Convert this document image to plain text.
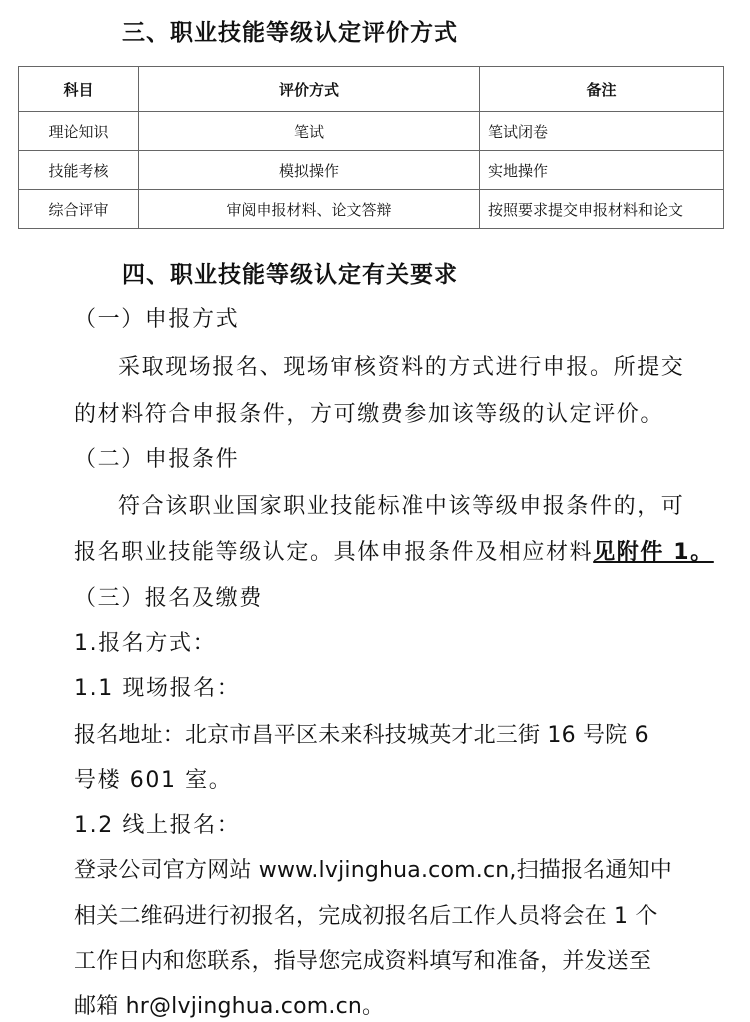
三、职业技能等级认定评价方式
科目	评价方式	备注
理论知识	笔试	笔试闭卷
技能考核	模拟操作	实地操作
综合评审	审阅申报材料、论文答辩	按照要求提交申报材料和论文
四、职业技能等级认定有关要求
（一）申报方式
采取现场报名、现场审核资料的方式进行申报。所提交
的材料符合申报条件，方可缴费参加该等级的认定评价。
（二）申报条件
符合该职业国家职业技能标准中该等级申报条件的，可
报名职业技能等级认定。具体申报条件及相应材料见附件 1。
（三）报名及缴费
1.报名方式：
1.1 现场报名：
报名地址：北京市昌平区未来科技城英才北三街 16 号院 6
号楼 601 室。
1.2 线上报名：
登录公司官方网站 www.lvjinghua.com.cn,扫描报名通知中
相关二维码进行初报名，完成初报名后工作人员将会在 1 个
工作日内和您联系，指导您完成资料填写和准备，并发送至
邮箱 hr@lvjinghua.com.cn。
